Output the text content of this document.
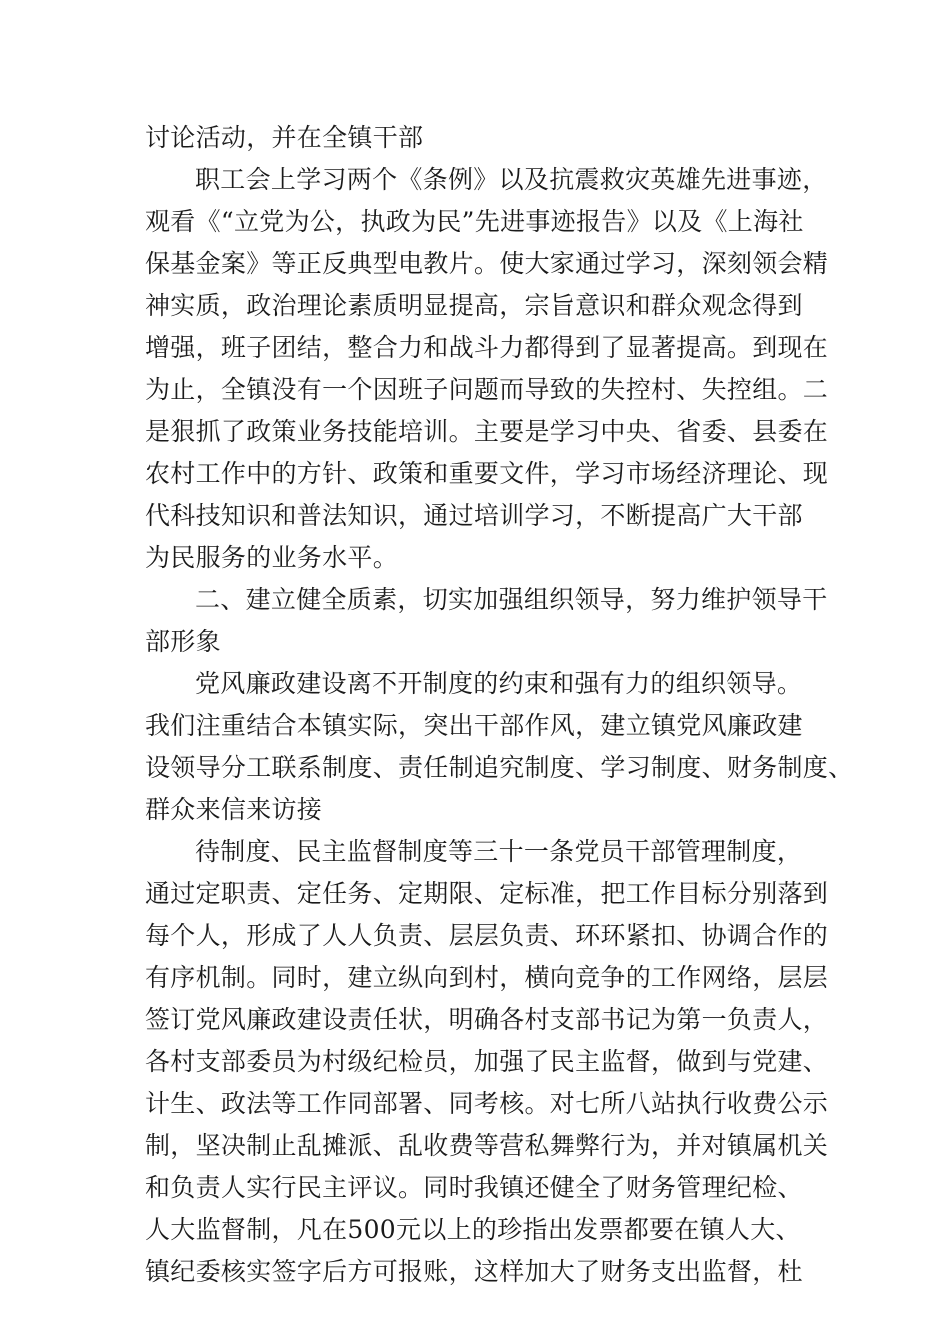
讨论活动，并在全镇干部
职工会上学习两个《条例》以及抗震救灾英雄先进事迹，
观看《“立党为公，执政为民”先进事迹报告》以及《上海社
保基金案》等正反典型电教片。使大家通过学习，深刻领会精
神实质，政治理论素质明显提高，宗旨意识和群众观念得到
增强，班子团结，整合力和战斗力都得到了显著提高。到现在
为止，全镇没有一个因班子问题而导致的失控村、失控组。二
是狠抓了政策业务技能培训。主要是学习中央、省委、县委在
农村工作中的方针、政策和重要文件，学习市场经济理论、现
代科技知识和普法知识，通过培训学习，不断提高广大干部
为民服务的业务水平。
二、建立健全质素，切实加强组织领导，努力维护领导干
部形象
党风廉政建设离不开制度的约束和强有力的组织领导。
我们注重结合本镇实际，突出干部作风，建立镇党风廉政建
设领导分工联系制度、责任制追究制度、学习制度、财务制度、
群众来信来访接
待制度、民主监督制度等三十一条党员干部管理制度，
通过定职责、定任务、定期限、定标准，把工作目标分别落到
每个人，形成了人人负责、层层负责、环环紧扣、协调合作的
有序机制。同时，建立纵向到村，横向竞争的工作网络，层层
签订党风廉政建设责任状，明确各村支部书记为第一负责人，
各村支部委员为村级纪检员，加强了民主监督，做到与党建、
计生、政法等工作同部署、同考核。对七所八站执行收费公示
制，坚决制止乱摊派、乱收费等营私舞弊行为，并对镇属机关
和负责人实行民主评议。同时我镇还健全了财务管理纪检、
人大监督制，凡在500元以上的珍指出发票都要在镇人大、
镇纪委核实签字后方可报账，这样加大了财务支出监督，杜
